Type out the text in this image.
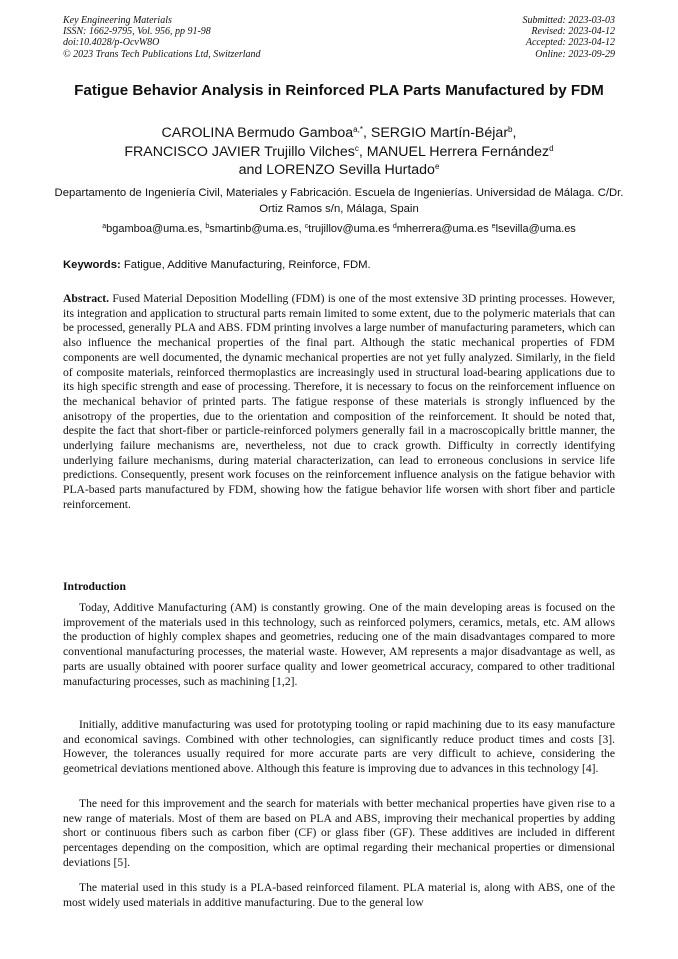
Key Engineering Materials
ISSN: 1662-9795, Vol. 956, pp 91-98
doi:10.4028/p-OcvW8O
© 2023 Trans Tech Publications Ltd, Switzerland
Submitted: 2023-03-03
Revised: 2023-04-12
Accepted: 2023-04-12
Online: 2023-09-29
Fatigue Behavior Analysis in Reinforced PLA Parts Manufactured by FDM
CAROLINA Bermudo Gamboa$^{a,*}$, SERGIO Martín-Béjar$^b$,
FRANCISCO JAVIER Trujillo Vilches$^c$, MANUEL Herrera Fernández$^d$
and LORENZO Sevilla Hurtado$^e$
Departamento de Ingeniería Civil, Materiales y Fabricación. Escuela de Ingenierías. Universidad de Málaga. C/Dr. Ortiz Ramos s/n, Málaga, Spain
$^a$bgamboa@uma.es, $^b$smartinb@uma.es, $^c$trujillov@uma.es $^d$mherrera@uma.es $^e$lsevilla@uma.es
Keywords: Fatigue, Additive Manufacturing, Reinforce, FDM.

Abstract. Fused Material Deposition Modelling (FDM) is one of the most extensive 3D printing processes. However, its integration and application to structural parts remain limited to some extent, due to the polymeric materials that can be processed, generally PLA and ABS. FDM printing involves a large number of manufacturing parameters, which can also influence the mechanical properties of the final part. Although the static mechanical properties of FDM components are well documented, the dynamic mechanical properties are not yet fully analyzed. Similarly, in the field of composite materials, reinforced thermoplastics are increasingly used in structural load-bearing applications due to its high specific strength and ease of processing. Therefore, it is necessary to focus on the reinforcement influence on the mechanical behavior of printed parts. The fatigue response of these materials is strongly influenced by the anisotropy of the properties, due to the orientation and composition of the reinforcement. It should be noted that, despite the fact that short-fiber or particle-reinforced polymers generally fail in a macroscopically brittle manner, the underlying failure mechanisms are, nevertheless, not due to crack growth. Difficulty in correctly identifying underlying failure mechanisms, during material characterization, can lead to erroneous conclusions in service life predictions. Consequently, present work focuses on the reinforcement influence analysis on the fatigue behavior with PLA-based parts manufactured by FDM, showing how the fatigue behavior life worsen with short fiber and particle reinforcement.

Introduction

Today, Additive Manufacturing (AM) is constantly growing. One of the main developing areas is focused on the improvement of the materials used in this technology, such as reinforced polymers, ceramics, metals, etc. AM allows the production of highly complex shapes and geometries, reducing one of the main disadvantages compared to more conventional manufacturing processes, the material waste. However, AM represents a major disadvantage as well, as parts are usually obtained with poorer surface quality and lower geometrical accuracy, compared to other traditional manufacturing processes, such as machining [1,2].

Initially, additive manufacturing was used for prototyping tooling or rapid machining due to its easy manufacture and economical savings. Combined with other technologies, can significantly reduce product times and costs [3]. However, the tolerances usually required for more accurate parts are very difficult to achieve, considering the geometrical deviations mentioned above. Although this feature is improving due to advances in this technology [4].

The need for this improvement and the search for materials with better mechanical properties have given rise to a new range of materials. Most of them are based on PLA and ABS, improving their mechanical properties by adding short or continuous fibers such as carbon fiber (CF) or glass fiber (GF). These additives are included in different percentages depending on the composition, which are optimal regarding their mechanical properties or dimensional deviations [5].

The material used in this study is a PLA-based reinforced filament. PLA material is, along with ABS, one of the most widely used materials in additive manufacturing. Due to the general low
